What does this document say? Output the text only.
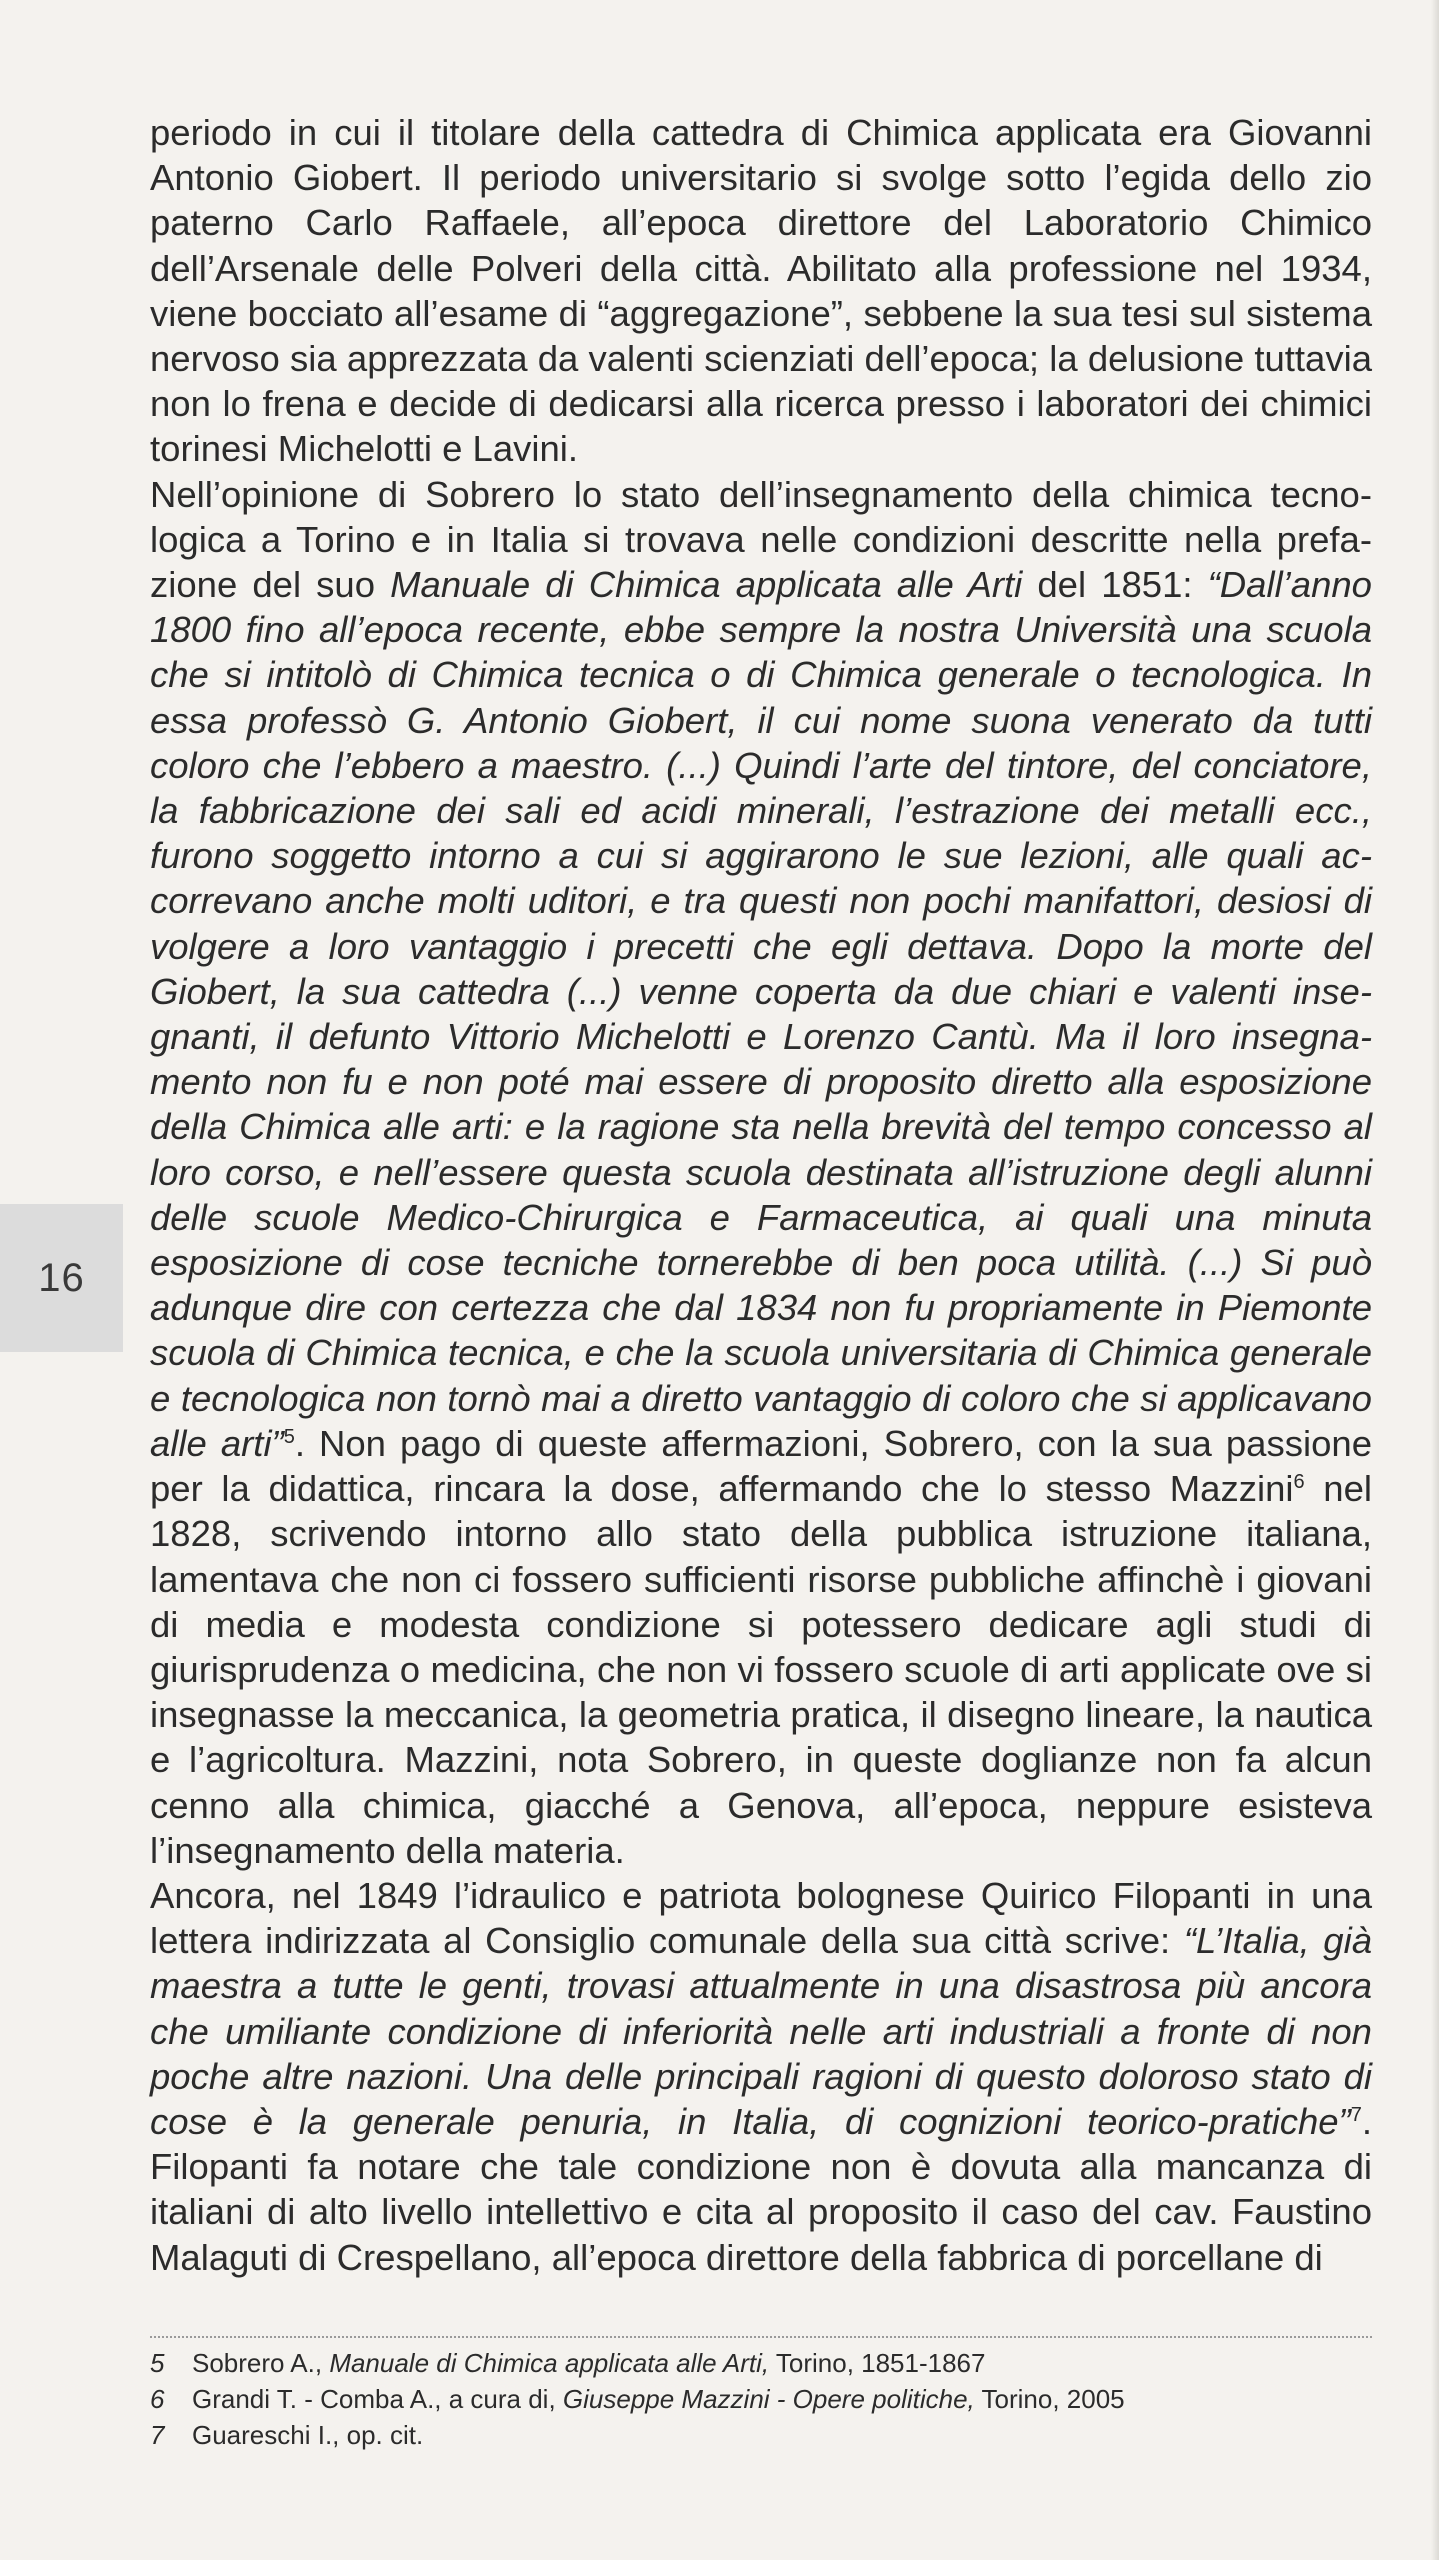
16

periodo in cui il titolare della cattedra di Chimica applicata era Giovanni Antonio Giobert. Il periodo universitario si svolge sotto l’egida dello zio paterno Carlo Raffaele, all’epoca direttore del Laboratorio Chimico dell’Arsenale delle Polveri della città. Abilitato alla professione nel 1934, viene bocciato all’esame di “aggregazione”, sebbene la sua tesi sul sistema nervoso sia apprezzata da valenti scienziati dell’epoca; la delusione tuttavia non lo frena e decide di dedicarsi alla ricerca presso i laboratori dei chimici torinesi Michelotti e Lavini.

Nell’opinione di Sobrero lo stato dell’insegnamento della chimica tecnologica a Torino e in Italia si trovava nelle condizioni descritte nella prefazione del suo Manuale di Chimica applicata alle Arti del 1851: “Dall’anno 1800 fino all’epoca recente, ebbe sempre la nostra Università una scuola che si intitolò di Chimica tecnica o di Chimica generale o tecnologica. In essa professò G. Antonio Giobert, il cui nome suona venerato da tutti coloro che l’ebbero a maestro. (...) Quindi l’arte del tintore, del conciatore, la fabbricazione dei sali ed acidi minerali, l’estrazione dei metalli ecc., furono soggetto intorno a cui si aggirarono le sue lezioni, alle quali accorrevano anche molti uditori, e tra questi non pochi manifattori, desiosi di volgere a loro vantaggio i precetti che egli dettava. Dopo la morte del Giobert, la sua cattedra (...) venne coperta da due chiari e valenti insegnanti, il defunto Vittorio Michelotti e Lorenzo Cantù. Ma il loro insegnamento non fu e non poté mai essere di proposito diretto alla esposizione della Chimica alle arti: e la ragione sta nella brevità del tempo concesso al loro corso, e nell’essere questa scuola destinata all’istruzione degli alunni delle scuole Medico-Chirurgica e Farmaceutica, ai quali una minuta esposizione di cose tecniche tornerebbe di ben poca utilità. (...) Si può adunque dire con certezza che dal 1834 non fu propriamente in Piemonte scuola di Chimica tecnica, e che la scuola universitaria di Chimica generale e tecnologica non tornò mai a diretto vantaggio di coloro che si applicavano alle arti”$^5$. Non pago di queste affermazioni, Sobrero, con la sua passione per la didattica, rincara la dose, affermando che lo stesso Mazzini$^6$ nel 1828, scrivendo intorno allo stato della pubblica istruzione italiana, lamentava che non ci fossero sufficienti risorse pubbliche affinchè i giovani di media e modesta condizione si potessero dedicare agli studi di giurisprudenza o medicina, che non vi fossero scuole di arti applicate ove si insegnasse la meccanica, la geometria pratica, il disegno lineare, la nautica e l’agricoltura. Mazzini, nota Sobrero, in queste doglianze non fa alcun cenno alla chimica, giacché a Genova, all’epoca, neppure esisteva l’insegnamento della materia.

Ancora, nel 1849 l’idraulico e patriota bolognese Quirico Filopanti in una lettera indirizzata al Consiglio comunale della sua città scrive: “L’Italia, già maestra a tutte le genti, trovasi attualmente in una disastrosa più ancora che umiliante condizione di inferiorità nelle arti industriali a fronte di non poche altre nazioni. Una delle principali ragioni di questo doloroso stato di cose è la generale penuria, in Italia, di cognizioni teorico-pratiche”$^7$. Filopanti fa notare che tale condizione non è dovuta alla mancanza di italiani di alto livello intellettivo e cita al proposito il caso del cav. Faustino Malaguti di Crespellano, all’epoca direttore della fabbrica di porcellane di

5	Sobrero A., Manuale di Chimica applicata alle Arti, Torino, 1851-1867
6	Grandi T. - Comba A., a cura di, Giuseppe Mazzini - Opere politiche, Torino, 2005
7	Guareschi I., op. cit.
